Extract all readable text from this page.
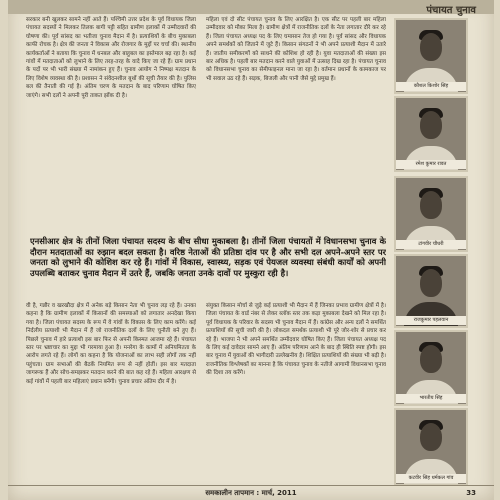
पंचायत चुनाव

सरकार बनी खुलकर सामने नहीं आते हैं। पश्चिमी उत्तर प्रदेश के पूर्व विधायक जिला पंचायत सदस्यों ने मिलकर तिलक बागी पट्टी सहित ग्रामीण इलाकों में उम्मीदवारों की घोषणा की। पूर्व सांसद का भतीजा चुनाव मैदान में है। प्रत्याशियों के बीच मुकाबला काफी रोचक है। क्षेत्र की जनता ने विकास और रोजगार के मुद्दों पर चर्चा की। स्थानीय कार्यकर्ताओं ने बताया कि चुनाव में धनबल और बाहुबल का इस्तेमाल बढ़ रहा है। कई गांवों में मतदाताओं को लुभाने के लिए तरह-तरह के वादे किए जा रहे हैं। ग्राम प्रधान के पदों पर भी भारी संख्या में नामांकन हुए हैं। चुनाव आयोग ने निष्पक्ष मतदान के लिए विशेष व्यवस्था की है। प्रशासन ने संवेदनशील बूथों की सूची तैयार की है। पुलिस बल की तैनाती की गई है। अंतिम चरण के मतदान के बाद परिणाम घोषित किए जाएंगे। सभी दलों ने अपनी पूरी ताकत झोंक दी है।

महिला एवं दो सीट पंचायत चुनाव के लिए आरक्षित है। एक सीट पर पहली बार महिला उम्मीदवार को मौका मिला है। ग्रामीण क्षेत्रों में राजनीतिक दलों के नेता लगातार दौरे कर रहे हैं। जिला पंचायत अध्यक्ष पद के लिए घमासान तेज हो गया है। पूर्व सांसद और विधायक अपने समर्थकों को जिताने में जुटे हैं। किसान संगठनों ने भी अपने प्रत्याशी मैदान में उतारे हैं। जातीय समीकरणों को साधने की कोशिश हो रही है। युवा मतदाताओं की संख्या इस बार अधिक है। पहली बार मतदान करने वाले युवाओं में उत्साह दिख रहा है। पंचायत चुनाव को विधानसभा चुनाव का सेमीफाइनल माना जा रहा है। वर्तमान प्रधानों के कामकाज पर भी सवाल उठ रहे हैं। सड़क, बिजली और पानी जैसे मुद्दे प्रमुख हैं।

एनसीआर क्षेत्र के तीनों जिला पंचायत सदस्य के बीच सीधा मुकाबला है। तीनों जिला पंचायतों में विधानसभा चुनाव के दौरान मतदाताओं का रुझान बदल सकता है। वरिष्ठ नेताओं की प्रतिष्ठा दांव पर है और सभी दल अपने-अपने स्तर पर जनता को लुभाने की कोशिश कर रहे हैं। गांवों में विकास, स्वास्थ्य, सड़क एवं पेयजल व्यवस्था संबंधी कार्यों को अपनी उपलब्धि बताकर चुनाव मैदान में उतरे हैं, जबकि जनता उनके दावों पर मुस्कुरा रही है।

वी है, गन्नौर व खरखौदा क्षेत्र में अनेक बड़े किसान नेता भी चुनाव लड़ रहे हैं। उनका कहना है कि ग्रामीण इलाकों में किसानों की समस्याओं को लगातार अनदेखा किया गया है। जिला पंचायत सदस्य के रूप में वे गांवों के विकास के लिए काम करेंगे। कई निर्दलीय प्रत्याशी भी मैदान में हैं जो राजनीतिक दलों के लिए चुनौती बने हुए हैं। पिछले चुनाव में हारे प्रत्याशी इस बार फिर से अपनी किस्मत आजमा रहे हैं। पंचायत स्तर पर भ्रष्टाचार का मुद्दा भी गरमाया हुआ है। मनरेगा के कामों में अनियमितता के आरोप लगते रहे हैं। लोगों का कहना है कि योजनाओं का लाभ सही लोगों तक नहीं पहुंचता। ग्राम सभाओं की बैठकें नियमित रूप से नहीं होतीं। इस बार मतदाता जागरूक हैं और सोच-समझकर मतदान करने की बात कह रहे हैं। महिला आरक्षण से कई गांवों में पहली बार महिलाएं प्रधान बनेंगी। चुनाव प्रचार अंतिम दौर में है।

संयुक्त किसान मोर्चा से जुड़े कई प्रत्याशी भी मैदान में हैं जिनका प्रभाव ग्रामीण क्षेत्रों में है। जिला पंचायत के वार्ड नंबर से लेकर ब्लॉक स्तर तक कड़ा मुकाबला देखने को मिल रहा है। पूर्व विधायक के परिवार के सदस्य भी चुनाव मैदान में हैं। कांग्रेस और अन्य दलों ने समर्थित प्रत्याशियों की सूची जारी की है। लोकदल समर्थक प्रत्याशी भी पूरे जोर-शोर से प्रचार कर रहे हैं। भाजपा ने भी अपने समर्थित उम्मीदवार घोषित किए हैं। जिला पंचायत अध्यक्ष पद के लिए कई दावेदार सामने आए हैं। अंतिम परिणाम आने के बाद ही स्थिति स्पष्ट होगी। इस बार चुनाव में युवाओं की भागीदारी उल्लेखनीय है। शिक्षित प्रत्याशियों की संख्या भी बढ़ी है। राजनीतिक विश्लेषकों का मानना है कि पंचायत चुनाव के नतीजे आगामी विधानसभा चुनाव की दिशा तय करेंगे।

कौशल किशोर सिंह
रमेश कुमार रावत
टांगवीर चौधरी
राजकुमार पहलवान
भारतीय सिंह
कटवीर सिंह धर्मकल गांव
समकालीन तापमान : मार्च, 2011	33
